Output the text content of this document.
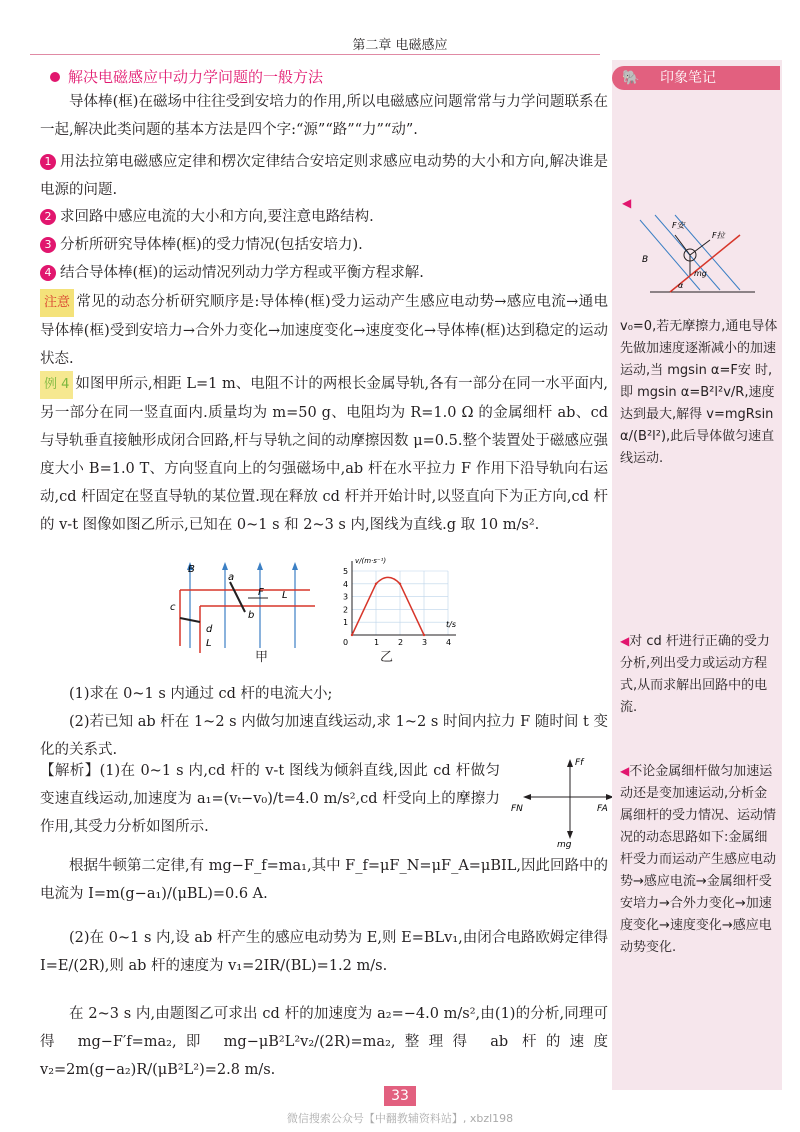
第二章 电磁感应
解决电磁感应中动力学问题的一般方法
导体棒(框)在磁场中往往受到安培力的作用,所以电磁感应问题常常与力学问题联系在一起,解决此类问题的基本方法是四个字:“源”“路”“力”“动”.
1 用法拉第电磁感应定律和楞次定律结合安培定则求感应电动势的大小和方向,解决谁是电源的问题.
2 求回路中感应电流的大小和方向,要注意电路结构.
3 分析所研究导体棒(框)的受力情况(包括安培力).
4 结合导体棒(框)的运动情况列动力学方程或平衡方程求解.
注意 常见的动态分析研究顺序是:导体棒(框)受力运动产生感应电动势→感应电流→通电导体棒(框)受到安培力→合外力变化→加速度变化→速度变化→导体棒(框)达到稳定的运动状态.
例 4 如图甲所示,相距 L=1 m、电阻不计的两根长金属导轨,各有一部分在同一水平面内,另一部分在同一竖直面内.质量均为 m=50 g、电阻均为 R=1.0 Ω 的金属细杆 ab、cd 与导轨垂直接触形成闭合回路,杆与导轨之间的动摩擦因数 μ=0.5.整个装置处于磁感应强度大小 B=1.0 T、方向竖直向上的匀强磁场中,ab 杆在水平拉力 F 作用下沿导轨向右运动,cd 杆固定在竖直导轨的某位置.现在释放 cd 杆并开始计时,以竖直向下为正方向,cd 杆的 v-t 图像如图乙所示,已知在 0~1 s 和 2~3 s 内,图线为直线.g 取 10 m/s².
B
a
F
b
c
d
L
L
甲
1
2
3
4
5
1 2 3 4
0
t/s
v/(m·s⁻¹)
乙
(1)求在 0~1 s 内通过 cd 杆的电流大小;
(2)若已知 ab 杆在 1~2 s 内做匀加速直线运动,求 1~2 s 时间内拉力 F 随时间 t 变化的关系式.
【解析】(1)在 0~1 s 内,cd 杆的 v-t 图线为倾斜直线,因此 cd 杆做匀变速直线运动,加速度为 a₁=(vₜ−v₀)/t=4.0 m/s²,cd 杆受向上的摩擦力作用,其受力分析如图所示.
Ff
FN	FA
mg
根据牛顿第二定律,有 mg−F_f=ma₁,其中 F_f=μF_N=μF_A=μBIL,因此回路中的电流为 I=m(g−a₁)/(μBL)=0.6 A.
(2)在 0~1 s 内,设 ab 杆产生的感应电动势为 E,则 E=BLv₁,由闭合电路欧姆定律得 I=E/(2R),则 ab 杆的速度为 v₁=2IR/(BL)=1.2 m/s.
在 2~3 s 内,由题图乙可求出 cd 杆的加速度为 a₂=−4.0 m/s²,由(1)的分析,同理可得 mg−F′f=ma₂,即 mg−μB²L²v₂/(2R)=ma₂,整理得 ab 杆的速度 v₂=2m(g−a₂)R/(μB²L²)=2.8 m/s.
🐘 印象笔记
◀
B
F安
F拉
mg
α
v₀=0,若无摩擦力,通电导体先做加速度逐渐减小的加速运动,当 mgsin α=F安 时,即 mgsin α=B²l²v/R,速度达到最大,解得 v=mgRsin α/(B²l²),此后导体做匀速直线运动.
◀对 cd 杆进行正确的受力分析,列出受力或运动方程式,从而求解出回路中的电流.
◀不论金属细杆做匀加速运动还是变加速运动,分析金属细杆的受力情况、运动情况的动态思路如下:金属细杆受力而运动产生感应电动势→感应电流→金属细杆受安培力→合外力变化→加速度变化→速度变化→感应电动势变化.
33
微信搜索公众号【中翻教辅资料站】, xbzl198
